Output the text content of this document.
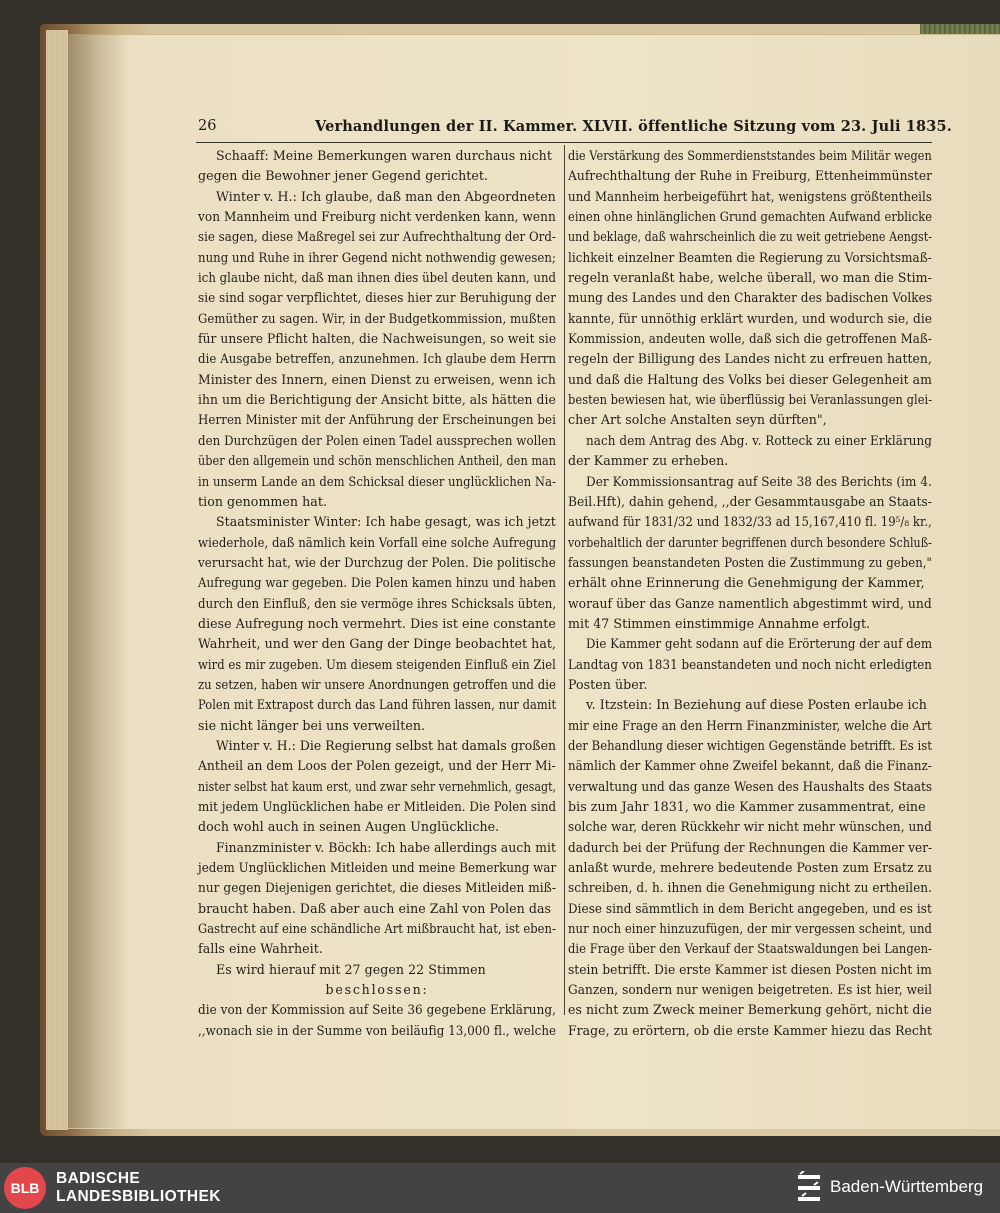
26	Verhandlungen der II. Kammer. XLVII. öffentliche Sitzung vom 23. Juli 1835.
Schaaff: Meine Bemerkungen waren durchaus nicht
gegen die Bewohner jener Gegend gerichtet.
Winter v. H.: Ich glaube, daß man den Abgeordneten
von Mannheim und Freiburg nicht verdenken kann, wenn
sie sagen, diese Maßregel sei zur Aufrechthaltung der Ord-
nung und Ruhe in ihrer Gegend nicht nothwendig gewesen;
ich glaube nicht, daß man ihnen dies übel deuten kann, und
sie sind sogar verpflichtet, dieses hier zur Beruhigung der
Gemüther zu sagen. Wir, in der Budgetkommission, mußten
für unsere Pflicht halten, die Nachweisungen, so weit sie
die Ausgabe betreffen, anzunehmen. Ich glaube dem Herrn
Minister des Innern, einen Dienst zu erweisen, wenn ich
ihn um die Berichtigung der Ansicht bitte, als hätten die
Herren Minister mit der Anführung der Erscheinungen bei
den Durchzügen der Polen einen Tadel aussprechen wollen
über den allgemein und schön menschlichen Antheil, den man
in unserm Lande an dem Schicksal dieser unglücklichen Na-
tion genommen hat.
Staatsminister Winter: Ich habe gesagt, was ich jetzt
wiederhole, daß nämlich kein Vorfall eine solche Aufregung
verursacht hat, wie der Durchzug der Polen. Die politische
Aufregung war gegeben. Die Polen kamen hinzu und haben
durch den Einfluß, den sie vermöge ihres Schicksals übten,
diese Aufregung noch vermehrt. Dies ist eine constante
Wahrheit, und wer den Gang der Dinge beobachtet hat,
wird es mir zugeben. Um diesem steigenden Einfluß ein Ziel
zu setzen, haben wir unsere Anordnungen getroffen und die
Polen mit Extrapost durch das Land führen lassen, nur damit
sie nicht länger bei uns verweilten.
Winter v. H.: Die Regierung selbst hat damals großen
Antheil an dem Loos der Polen gezeigt, und der Herr Mi-
nister selbst hat kaum erst, und zwar sehr vernehmlich, gesagt,
mit jedem Unglücklichen habe er Mitleiden. Die Polen sind
doch wohl auch in seinen Augen Unglückliche.
Finanzminister v. Böckh: Ich habe allerdings auch mit
jedem Unglücklichen Mitleiden und meine Bemerkung war
nur gegen Diejenigen gerichtet, die dieses Mitleiden miß-
braucht haben. Daß aber auch eine Zahl von Polen das
Gastrecht auf eine schändliche Art mißbraucht hat, ist eben-
falls eine Wahrheit.
Es wird hierauf mit 27 gegen 22 Stimmen
beschlossen:
die von der Kommission auf Seite 36 gegebene Erklärung,
,,wonach sie in der Summe von beiläufig 13,000 fl., welche
die Verstärkung des Sommerdienststandes beim Militär wegen
Aufrechthaltung der Ruhe in Freiburg, Ettenheimmünster
und Mannheim herbeigeführt hat, wenigstens größtentheils
einen ohne hinlänglichen Grund gemachten Aufwand erblicke
und beklage, daß wahrscheinlich die zu weit getriebene Aengst-
lichkeit einzelner Beamten die Regierung zu Vorsichtsmaß-
regeln veranlaßt habe, welche überall, wo man die Stim-
mung des Landes und den Charakter des badischen Volkes
kannte, für unnöthig erklärt wurden, und wodurch sie, die
Kommission, andeuten wolle, daß sich die getroffenen Maß-
regeln der Billigung des Landes nicht zu erfreuen hatten,
und daß die Haltung des Volks bei dieser Gelegenheit am
besten bewiesen hat, wie überflüssig bei Veranlassungen glei-
cher Art solche Anstalten seyn dürften",
nach dem Antrag des Abg. v. Rotteck zu einer Erklärung
der Kammer zu erheben.
Der Kommissionsantrag auf Seite 38 des Berichts (im 4.
Beil.Hft), dahin gehend, ,,der Gesammtausgabe an Staats-
aufwand für 1831/32 und 1832/33 ad 15,167,410 fl. 19⁵/₈ kr.,
vorbehaltlich der darunter begriffenen durch besondere Schluß-
fassungen beanstandeten Posten die Zustimmung zu geben,"
erhält ohne Erinnerung die Genehmigung der Kammer,
worauf über das Ganze namentlich abgestimmt wird, und
mit 47 Stimmen einstimmige Annahme erfolgt.
Die Kammer geht sodann auf die Erörterung der auf dem
Landtag von 1831 beanstandeten und noch nicht erledigten
Posten über.
v. Itzstein: In Beziehung auf diese Posten erlaube ich
mir eine Frage an den Herrn Finanzminister, welche die Art
der Behandlung dieser wichtigen Gegenstände betrifft. Es ist
nämlich der Kammer ohne Zweifel bekannt, daß die Finanz-
verwaltung und das ganze Wesen des Haushalts des Staats
bis zum Jahr 1831, wo die Kammer zusammentrat, eine
solche war, deren Rückkehr wir nicht mehr wünschen, und
dadurch bei der Prüfung der Rechnungen die Kammer ver-
anlaßt wurde, mehrere bedeutende Posten zum Ersatz zu
schreiben, d. h. ihnen die Genehmigung nicht zu ertheilen.
Diese sind sämmtlich in dem Bericht angegeben, und es ist
nur noch einer hinzuzufügen, der mir vergessen scheint, und
die Frage über den Verkauf der Staatswaldungen bei Langen-
stein betrifft. Die erste Kammer ist diesen Posten nicht im
Ganzen, sondern nur wenigen beigetreten. Es ist hier, weil
es nicht zum Zweck meiner Bemerkung gehört, nicht die
Frage, zu erörtern, ob die erste Kammer hiezu das Recht
BLB
BADISCHE
LANDESBIBLIOTHEK
Baden-Württemberg
